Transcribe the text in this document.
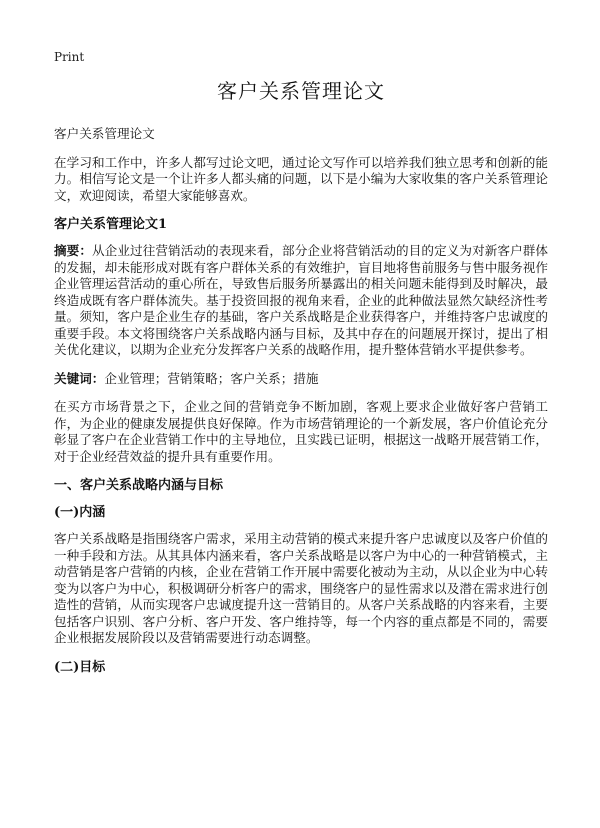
Print
客户关系管理论文

客户关系管理论文

在学习和工作中，许多人都写过论文吧，通过论文写作可以培养我们独立思考和创新的能力。相信写论文是一个让许多人都头痛的问题，以下是小编为大家收集的客户关系管理论文，欢迎阅读，希望大家能够喜欢。

客户关系管理论文1

摘要：从企业过往营销活动的表现来看，部分企业将营销活动的目的定义为对新客户群体的发掘，却未能形成对既有客户群体关系的有效维护，盲目地将售前服务与售中服务视作企业管理运营活动的重心所在，导致售后服务所暴露出的相关问题未能得到及时解决，最终造成既有客户群体流失。基于投资回报的视角来看，企业的此种做法显然欠缺经济性考量。须知，客户是企业生存的基础，客户关系战略是企业获得客户，并维持客户忠诚度的重要手段。本文将围绕客户关系战略内涵与目标，及其中存在的问题展开探讨，提出了相关优化建议，以期为企业充分发挥客户关系的战略作用，提升整体营销水平提供参考。

关键词：企业管理；营销策略；客户关系；措施

在买方市场背景之下，企业之间的营销竞争不断加剧，客观上要求企业做好客户营销工作，为企业的健康发展提供良好保障。作为市场营销理论的一个新发展，客户价值论充分彰显了客户在企业营销工作中的主导地位，且实践已证明，根据这一战略开展营销工作，对于企业经营效益的提升具有重要作用。

一、客户关系战略内涵与目标

(一)内涵

客户关系战略是指围绕客户需求，采用主动营销的模式来提升客户忠诚度以及客户价值的一种手段和方法。从其具体内涵来看，客户关系战略是以客户为中心的一种营销模式，主动营销是客户营销的内核，企业在营销工作开展中需要化被动为主动，从以企业为中心转变为以客户为中心，积极调研分析客户的需求，围绕客户的显性需求以及潜在需求进行创造性的营销，从而实现客户忠诚度提升这一营销目的。从客户关系战略的内容来看，主要包括客户识别、客户分析、客户开发、客户维持等，每一个内容的重点都是不同的，需要企业根据发展阶段以及营销需要进行动态调整。

(二)目标
